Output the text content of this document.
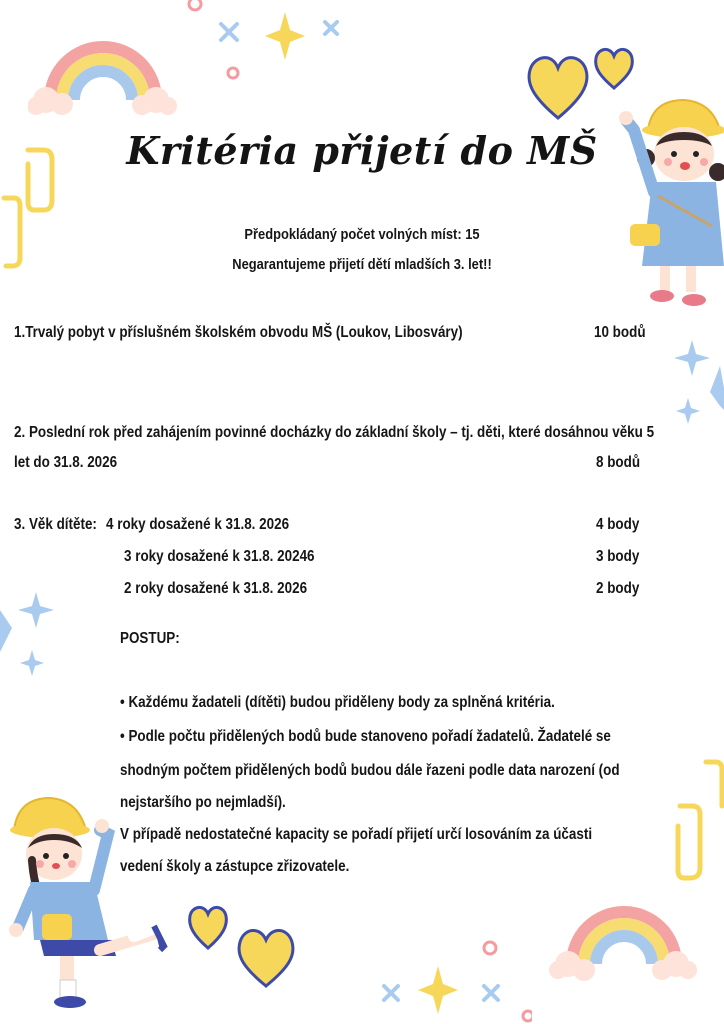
Kritéria přijetí do MŠ
Předpokládaný počet volných míst: 15
Negarantujeme přijetí dětí mladších 3. let!!
1.Trvalý pobyt v příslušném školském obvodu MŠ (Loukov, Libosváry)	10 bodů
2. Poslední rok před zahájením povinné docházky do základní školy – tj. děti, které dosáhnou věku 5
let do 31.8. 2026	8 bodů
3. Věk dítěte: 4 roky dosažené k 31.8. 2026	4 body
3 roky dosažené k 31.8. 20246	3 body
2 roky dosažené k 31.8. 2026	2 body
POSTUP:
• Každému žadateli (dítěti) budou přiděleny body za splněná kritéria.
• Podle počtu přidělených bodů bude stanoveno pořadí žadatelů. Žadatelé se
shodným počtem přidělených bodů budou dále řazeni podle data narození (od
nejstaršího po nejmladší).
V případě nedostatečné kapacity se pořadí přijetí určí losováním za účasti
vedení školy a zástupce zřizovatele.
